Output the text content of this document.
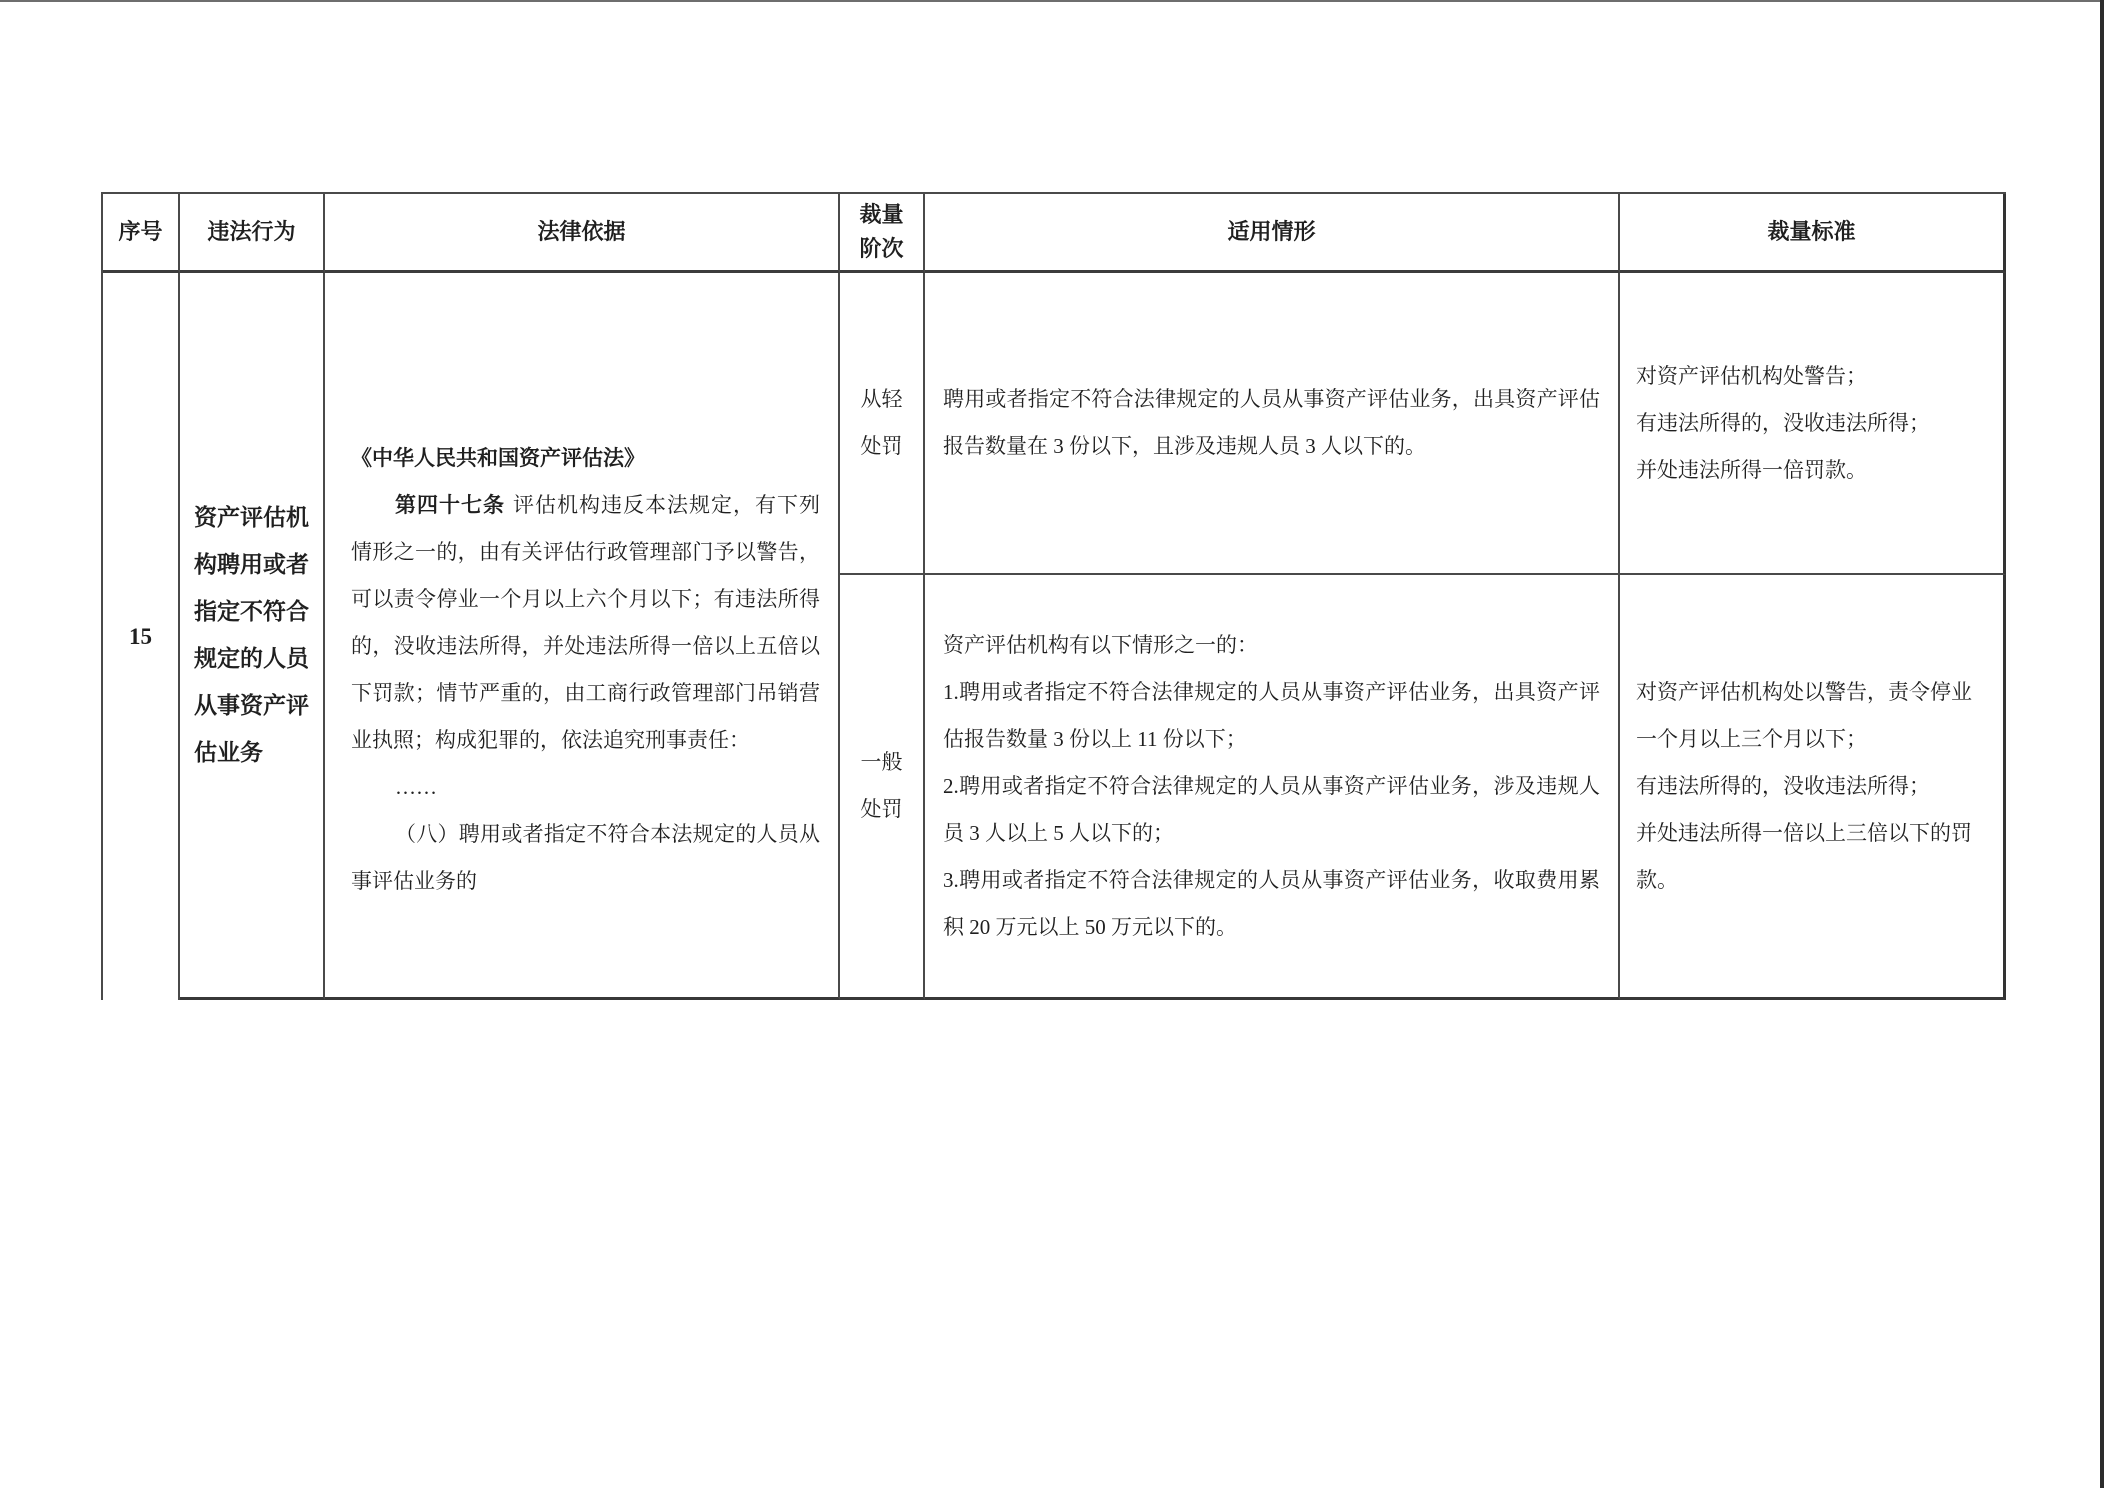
序号 违法行为	法律依据
裁量
阶次
适用情形	裁量标准
15
资产评估机构聘用或者指定不符合规定的人员从事资产评估业务

《中华人民共和国资产评估法》

第四十七条 评估机构违反本法规定，有下列情形之一的，由有关评估行政管理部门予以警告，可以责令停业一个月以上六个月以下；有违法所得的，没收违法所得，并处违法所得一倍以上五倍以下罚款；情节严重的，由工商行政管理部门吊销营业执照；构成犯罪的，依法追究刑事责任：

……

（八）聘用或者指定不符合本法规定的人员从事评估业务的

从轻
处罚

聘用或者指定不符合法律规定的人员从事资产评估业务，出具资产评估报告数量在 3 份以下，且涉及违规人员 3 人以下的。

对资产评估机构处警告；

有违法所得的，没收违法所得；

并处违法所得一倍罚款。

一般
处罚

资产评估机构有以下情形之一的：

1.聘用或者指定不符合法律规定的人员从事资产评估业务，出具资产评估报告数量 3 份以上 11 份以下；

2.聘用或者指定不符合法律规定的人员从事资产评估业务，涉及违规人员 3 人以上 5 人以下的；

3.聘用或者指定不符合法律规定的人员从事资产评估业务，收取费用累积 20 万元以上 50 万元以下的。

对资产评估机构处以警告，责令停业一个月以上三个月以下；

有违法所得的，没收违法所得；

并处违法所得一倍以上三倍以下的罚款。
